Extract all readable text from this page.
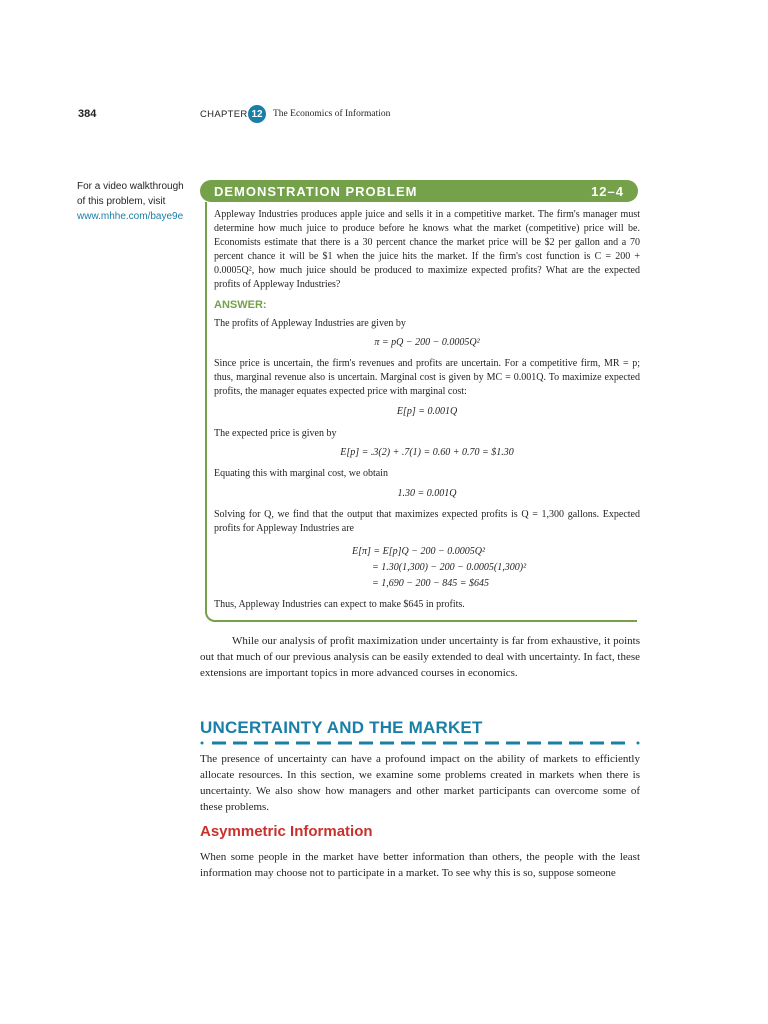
384	CHAPTER 12	The Economics of Information
For a video walkthrough
of this problem, visit
www.mhhe.com/baye9e
DEMONSTRATION PROBLEM	12–4
Appleway Industries produces apple juice and sells it in a competitive market. The firm's manager must determine how much juice to produce before he knows what the market (competitive) price will be. Economists estimate that there is a 30 percent chance the market price will be $2 per gallon and a 70 percent chance it will be $1 when the juice hits the market. If the firm's cost function is C = 200 + 0.0005Q², how much juice should be produced to maximize expected profits? What are the expected profits of Appleway Industries?
ANSWER:
The profits of Appleway Industries are given by
π = pQ − 200 − 0.0005Q²
Since price is uncertain, the firm's revenues and profits are uncertain. For a competitive firm, MR = p; thus, marginal revenue also is uncertain. Marginal cost is given by MC = 0.001Q. To maximize expected profits, the manager equates expected price with marginal cost:
E[p] = 0.001Q
The expected price is given by
E[p] = .3(2) + .7(1) = 0.60 + 0.70 = $1.30
Equating this with marginal cost, we obtain
1.30 = 0.001Q
Solving for Q, we find that the output that maximizes expected profits is Q = 1,300 gallons. Expected profits for Appleway Industries are
E[π] = E[p]Q − 200 − 0.0005Q²
= 1.30(1,300) − 200 − 0.0005(1,300)²
= 1,690 − 200 − 845 = $645
Thus, Appleway Industries can expect to make $645 in profits.
While our analysis of profit maximization under uncertainty is far from exhaustive, it points out that much of our previous analysis can be easily extended to deal with uncertainty. In fact, these extensions are important topics in more advanced courses in economics.
UNCERTAINTY AND THE MARKET
The presence of uncertainty can have a profound impact on the ability of markets to efficiently allocate resources. In this section, we examine some problems created in markets when there is uncertainty. We also show how managers and other market participants can overcome some of these problems.
Asymmetric Information
When some people in the market have better information than others, the people with the least information may choose not to participate in a market. To see why this is so, suppose someone
